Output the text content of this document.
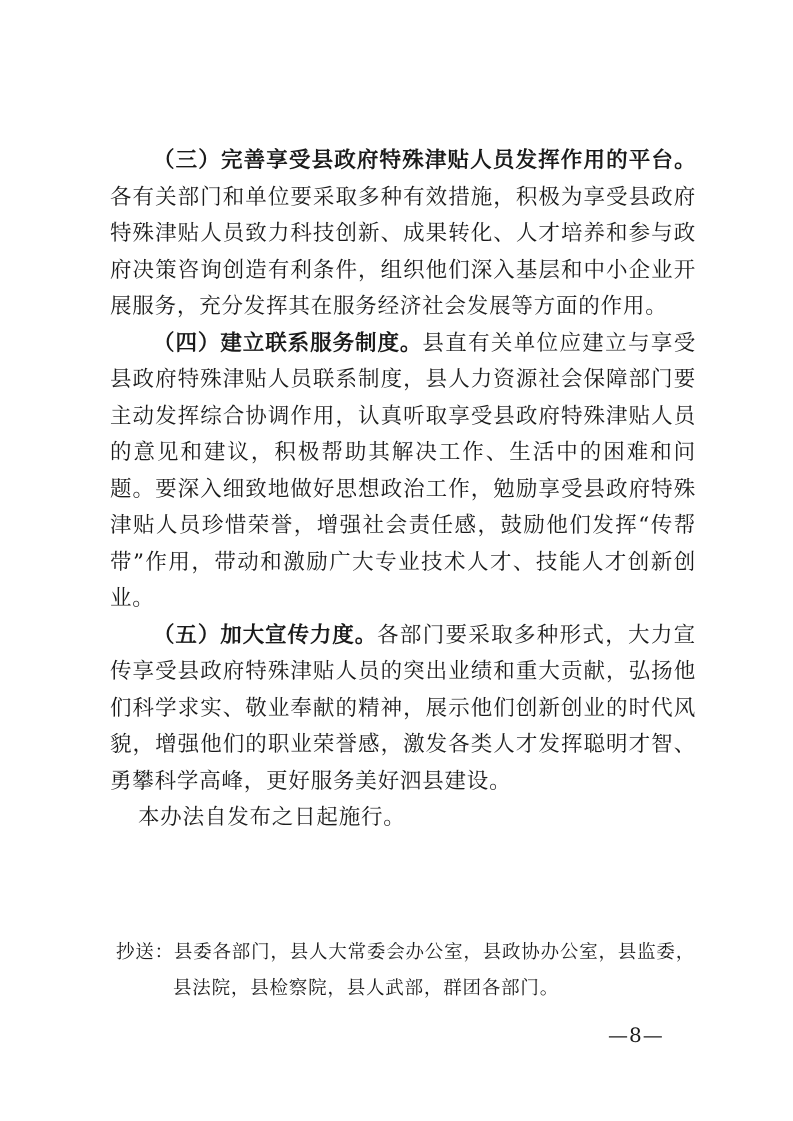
（三）完善享受县政府特殊津贴人员发挥作用的平台。各有关部门和单位要采取多种有效措施，积极为享受县政府特殊津贴人员致力科技创新、成果转化、人才培养和参与政府决策咨询创造有利条件，组织他们深入基层和中小企业开展服务，充分发挥其在服务经济社会发展等方面的作用。

（四）建立联系服务制度。县直有关单位应建立与享受县政府特殊津贴人员联系制度，县人力资源社会保障部门要主动发挥综合协调作用，认真听取享受县政府特殊津贴人员的意见和建议，积极帮助其解决工作、生活中的困难和问题。要深入细致地做好思想政治工作，勉励享受县政府特殊津贴人员珍惜荣誉，增强社会责任感，鼓励他们发挥“传帮带”作用，带动和激励广大专业技术人才、技能人才创新创业。

（五）加大宣传力度。各部门要采取多种形式，大力宣传享受县政府特殊津贴人员的突出业绩和重大贡献，弘扬他们科学求实、敬业奉献的精神，展示他们创新创业的时代风貌，增强他们的职业荣誉感，激发各类人才发挥聪明才智、勇攀科学高峰，更好服务美好泗县建设。

本办法自发布之日起施行。

抄送：县委各部门，县人大常委会办公室，县政协办公室，县监委，

县法院，县检察院，县人武部，群团各部门。

—8—
